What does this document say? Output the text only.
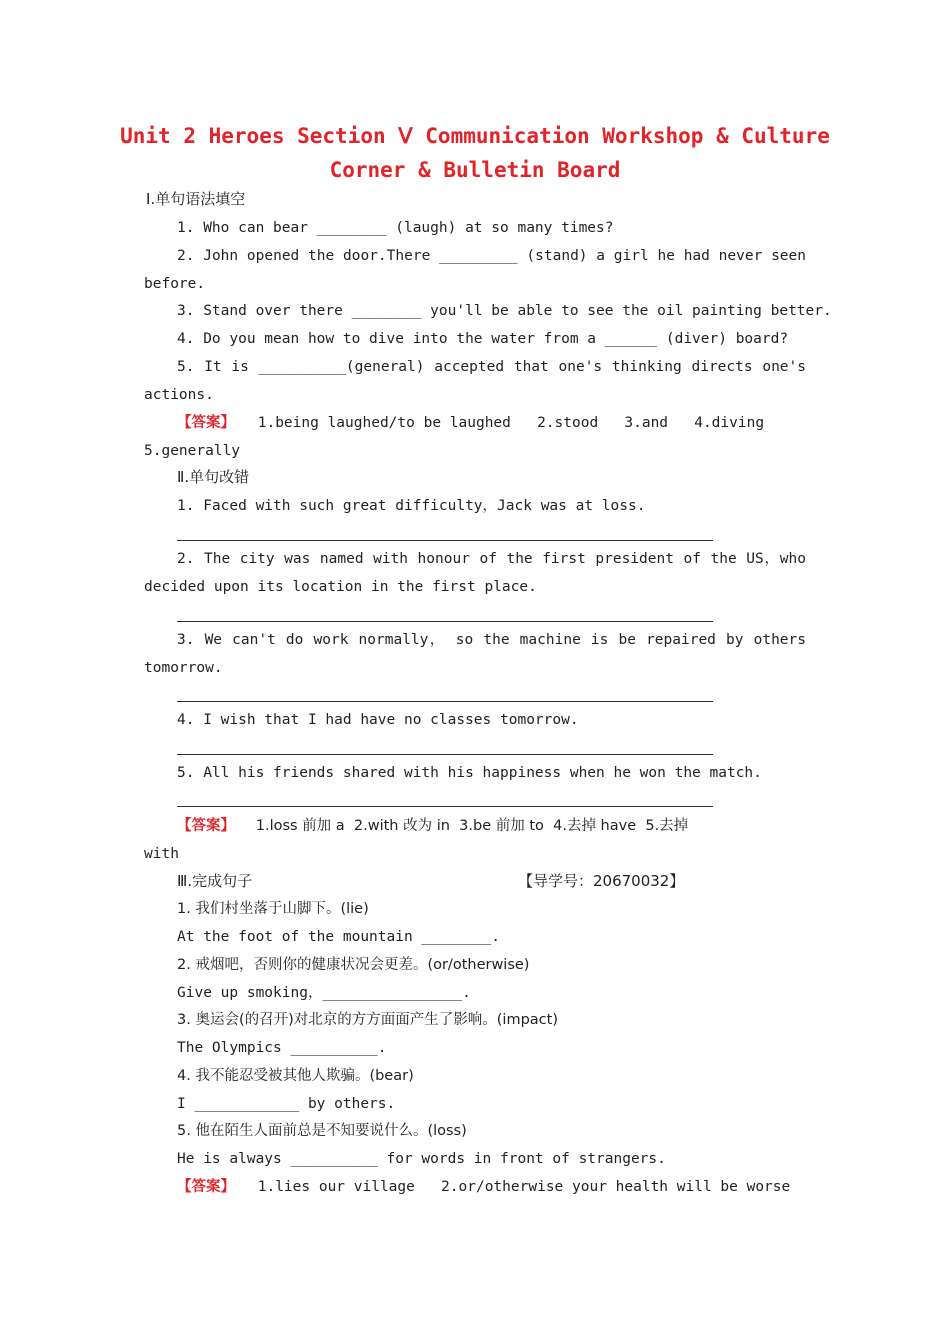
Unit 2 Heroes Section Ⅴ Communication Workshop & Culture
Corner & Bulletin Board
Ⅰ.单句语法填空
1. Who can bear ________ (laugh) at so many times?
2. John opened the door.There _________ (stand) a girl he had never seen
before.
3. Stand over there ________ you'll be able to see the oil painting better.
4. Do you mean how to dive into the water from a ______ (diver) board?
5. It is __________(general) accepted that one's thinking directs one's
actions.
【答案】 1.being laughed/to be laughed   2.stood   3.and   4.diving
5.generally
Ⅱ.单句改错
1. Faced with such great difficulty，Jack was at loss.
2. The city was named with honour of the first president of the US，who
decided upon its location in the first place.
3. We can't do work normally， so the machine is be repaired by others
tomorrow.
4. I wish that I had have no classes tomorrow.
5. All his friends shared with his happiness when he won the match.
【答案】 1.loss 前加 a  2.with 改为 in  3.be 前加 to  4.去掉 have  5.去掉
with
Ⅲ.完成句子	【导学号：20670032】
1. 我们村坐落于山脚下。(lie)
At the foot of the mountain ________.
2. 戒烟吧，否则你的健康状况会更差。(or/otherwise)
Give up smoking，________________.
3. 奥运会(的召开)对北京的方方面面产生了影响。(impact)
The Olympics __________.
4. 我不能忍受被其他人欺骗。(bear)
I ____________ by others.
5. 他在陌生人面前总是不知要说什么。(loss)
He is always __________ for words in front of strangers.
【答案】 1.lies our village   2.or/otherwise your health will be worse
